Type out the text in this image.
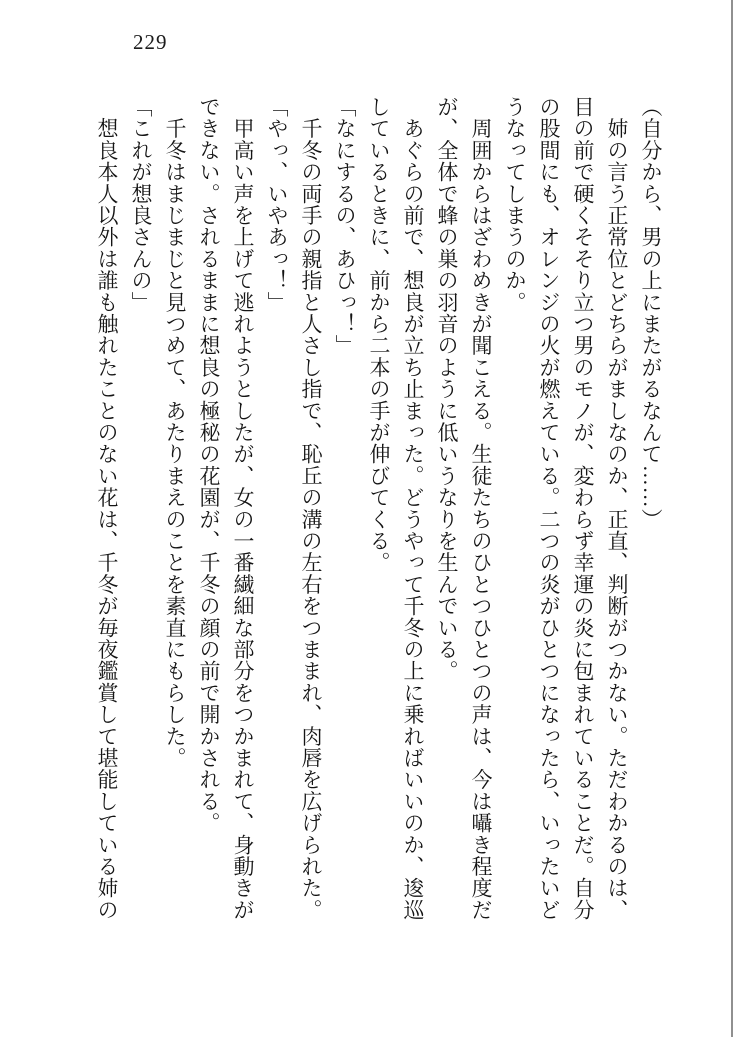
229
（自分から、男の上にまたがるなんて……）
　姉の言う正常位とどちらがましなのか、正直、判断がつかない。ただわかるのは、
目の前で硬くそそり立つ男のモノが、変わらず幸運の炎に包まれていることだ。自分
の股間にも、オレンジの火が燃えている。二つの炎がひとつになったら、いったいど
うなってしまうのか。
　周囲からはざわめきが聞こえる。生徒たちのひとつひとつの声は、今は囁き程度だ
が、全体で蜂の巣の羽音のように低いうなりを生んでいる。
　あぐらの前で、想良が立ち止まった。どうやって千冬の上に乗ればいいのか、逡巡
しているときに、前から二本の手が伸びてくる。
「なにするの、あひっ！」
　千冬の両手の親指と人さし指で、恥丘の溝の左右をつままれ、肉唇を広げられた。
「やっ、いやあっ！」
　甲高い声を上げて逃れようとしたが、女の一番繊細な部分をつかまれて、身動きが
できない。されるままに想良の極秘の花園が、千冬の顔の前で開かされる。
　千冬はまじまじと見つめて、あたりまえのことを素直にもらした。
「これが想良さんの」
　想良本人以外は誰も触れたことのない花は、千冬が毎夜鑑賞して堪能している姉の
